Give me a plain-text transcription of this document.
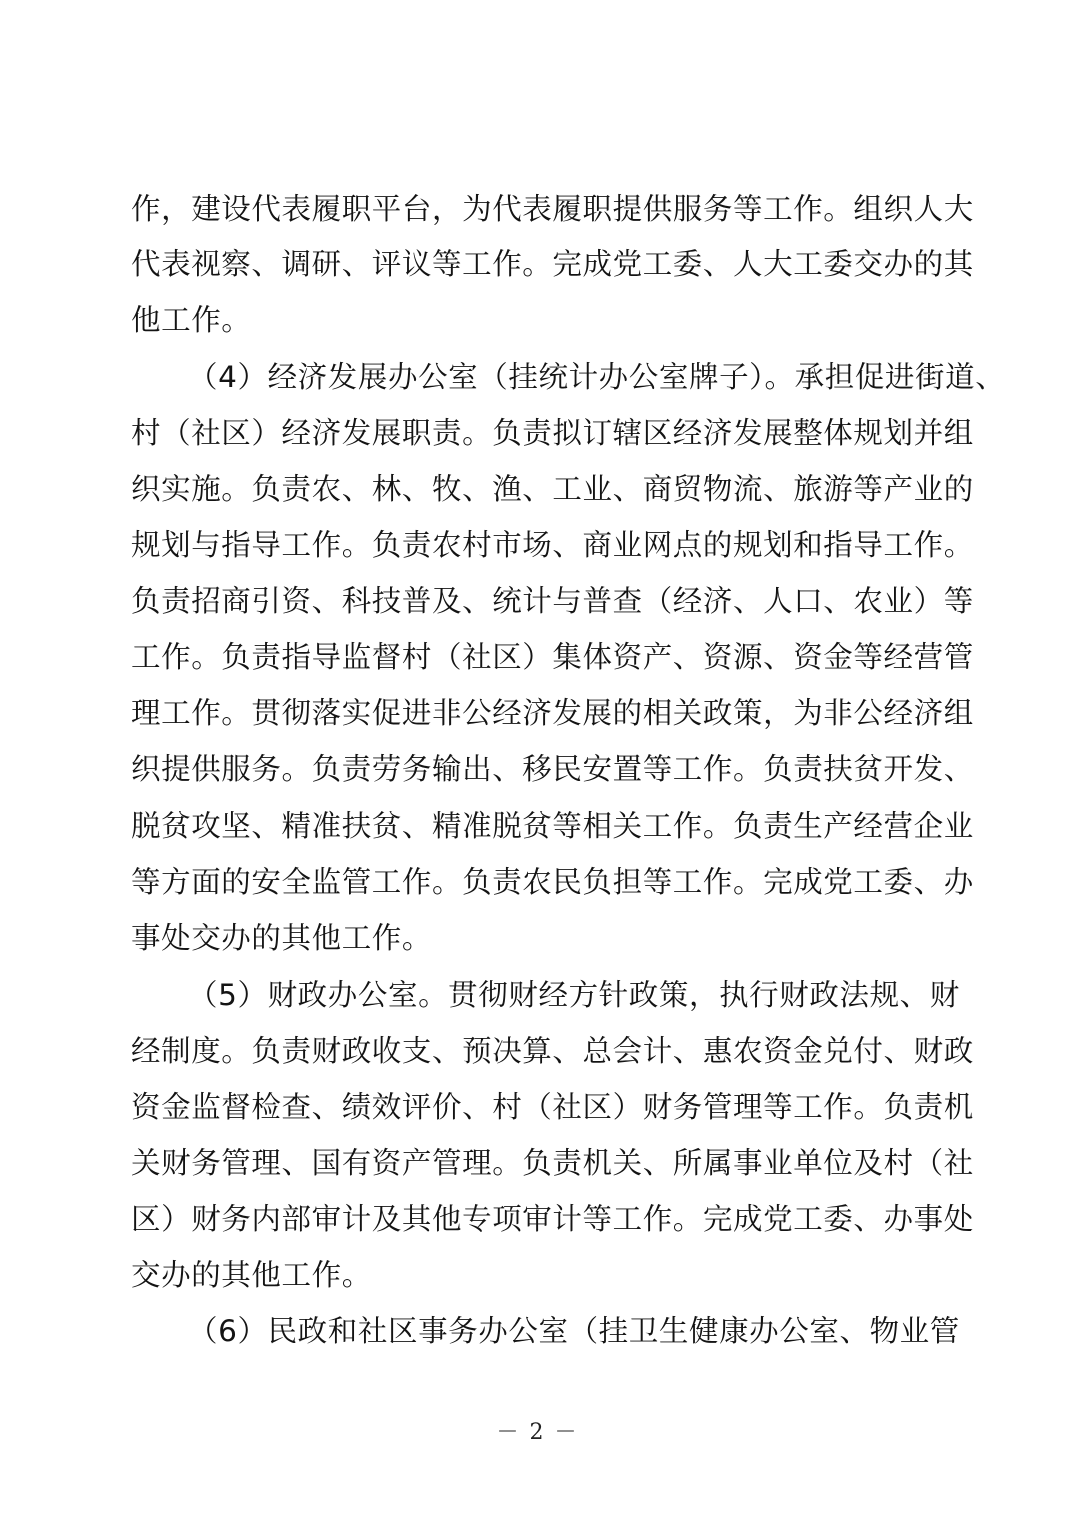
作，建设代表履职平台，为代表履职提供服务等工作。组织人大
代表视察、调研、评议等工作。完成党工委、人大工委交办的其
他工作。
（4）经济发展办公室（挂统计办公室牌子）。承担促进街道、
村（社区）经济发展职责。负责拟订辖区经济发展整体规划并组
织实施。负责农、林、牧、渔、工业、商贸物流、旅游等产业的
规划与指导工作。负责农村市场、商业网点的规划和指导工作。
负责招商引资、科技普及、统计与普查（经济、人口、农业）等
工作。负责指导监督村（社区）集体资产、资源、资金等经营管
理工作。贯彻落实促进非公经济发展的相关政策，为非公经济组
织提供服务。负责劳务输出、移民安置等工作。负责扶贫开发、
脱贫攻坚、精准扶贫、精准脱贫等相关工作。负责生产经营企业
等方面的安全监管工作。负责农民负担等工作。完成党工委、办
事处交办的其他工作。
（5）财政办公室。贯彻财经方针政策，执行财政法规、财
经制度。负责财政收支、预决算、总会计、惠农资金兑付、财政
资金监督检查、绩效评价、村（社区）财务管理等工作。负责机
关财务管理、国有资产管理。负责机关、所属事业单位及村（社
区）财务内部审计及其他专项审计等工作。完成党工委、办事处
交办的其他工作。
（6）民政和社区事务办公室（挂卫生健康办公室、物业管
－ 2 －
